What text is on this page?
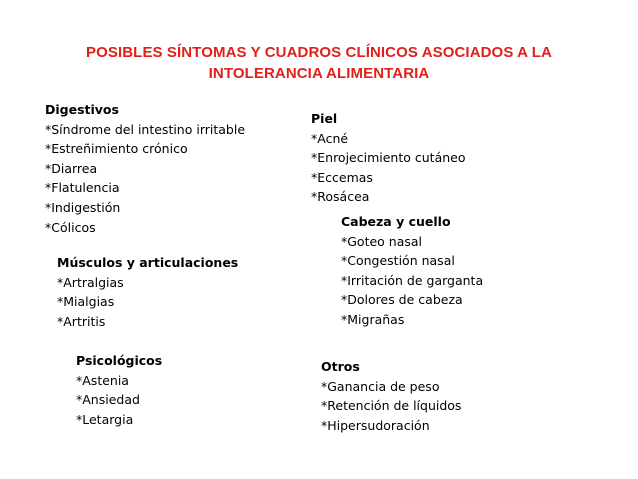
POSIBLES SÍNTOMAS Y CUADROS CLÍNICOS ASOCIADOS A LA
INTOLERANCIA ALIMENTARIA
Digestivos
*Síndrome del intestino irritable
*Estreñimiento crónico
*Diarrea
*Flatulencia
*Indigestión
*Cólicos
Piel
*Acné
*Enrojecimiento cutáneo
*Eccemas
*Rosácea
Cabeza y cuello
*Goteo nasal
*Congestión nasal
*Irritación de garganta
*Dolores de cabeza
*Migrañas
Músculos y articulaciones
*Artralgias
*Mialgias
*Artritis
Psicológicos
*Astenia
*Ansiedad
*Letargia
Otros
*Ganancia de peso
*Retención de líquidos
*Hipersudoración
